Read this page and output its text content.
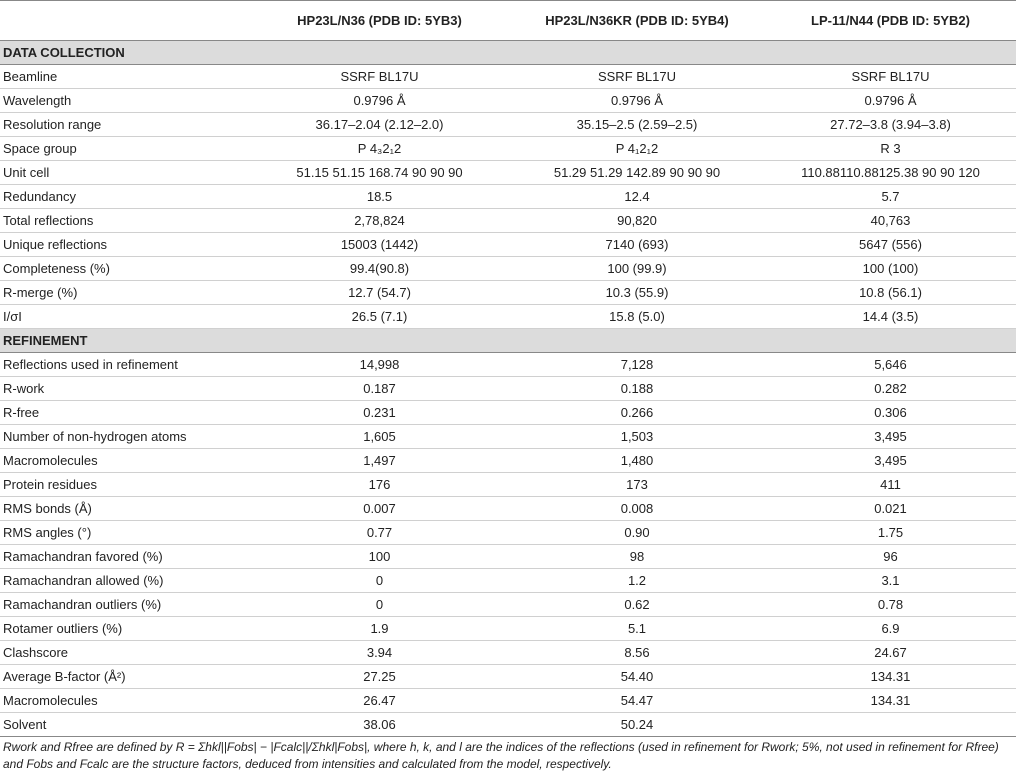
	HP23L/N36 (PDB ID: 5YB3)	HP23L/N36KR (PDB ID: 5YB4)	LP-11/N44 (PDB ID: 5YB2)
DATA COLLECTION			
Beamline	SSRF BL17U	SSRF BL17U	SSRF BL17U
Wavelength	0.9796 Å	0.9796 Å	0.9796 Å
Resolution range	36.17–2.04 (2.12–2.0)	35.15–2.5 (2.59–2.5)	27.72–3.8 (3.94–3.8)
Space group	P 4₃2₁2	P 4₁2₁2	R 3
Unit cell	51.15 51.15 168.74 90 90 90	51.29 51.29 142.89 90 90 90	110.88110.88125.38 90 90 120
Redundancy	18.5	12.4	5.7
Total reflections	2,78,824	90,820	40,763
Unique reflections	15003 (1442)	7140 (693)	5647 (556)
Completeness (%)	99.4(90.8)	100 (99.9)	100 (100)
R-merge (%)	12.7 (54.7)	10.3 (55.9)	10.8 (56.1)
I/σI	26.5 (7.1)	15.8 (5.0)	14.4 (3.5)
REFINEMENT			
Reflections used in refinement	14,998	7,128	5,646
R-work	0.187	0.188	0.282
R-free	0.231	0.266	0.306
Number of non-hydrogen atoms	1,605	1,503	3,495
Macromolecules	1,497	1,480	3,495
Protein residues	176	173	411
RMS bonds (Å)	0.007	0.008	0.021
RMS angles (°)	0.77	0.90	1.75
Ramachandran favored (%)	100	98	96
Ramachandran allowed (%)	0	1.2	3.1
Ramachandran outliers (%)	0	0.62	0.78
Rotamer outliers (%)	1.9	5.1	6.9
Clashscore	3.94	8.56	24.67
Average B-factor (Å²)	27.25	54.40	134.31
Macromolecules	26.47	54.47	134.31
Solvent	38.06	50.24	
Rwork and Rfree are defined by R = Σhkl||Fobs| − |Fcalc||/Σhkl|Fobs|, where h, k, and l are the indices of the reflections (used in refinement for Rwork; 5%, not used in refinement for Rfree) and Fobs and Fcalc are the structure factors, deduced from intensities and calculated from the model, respectively.
